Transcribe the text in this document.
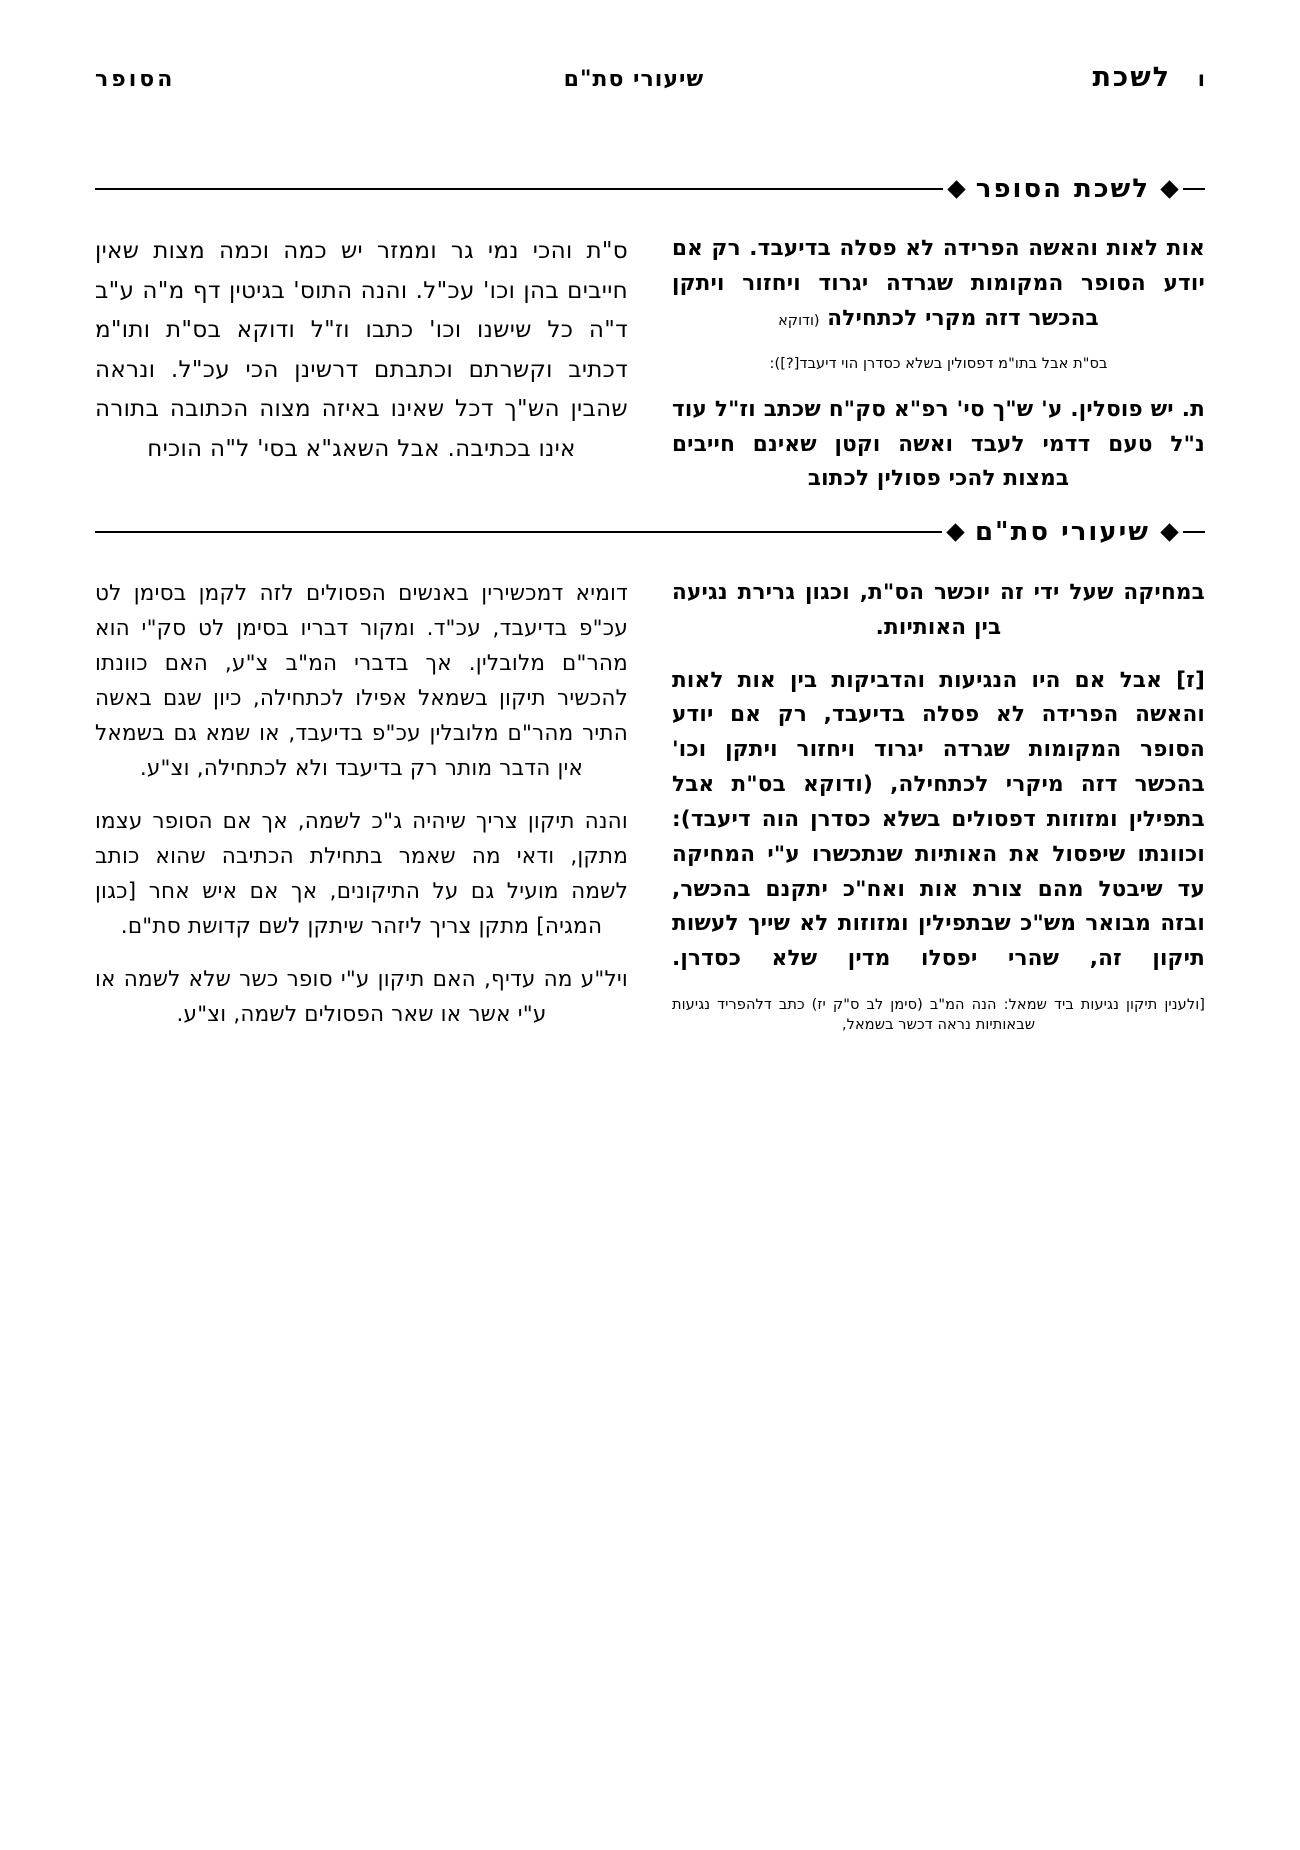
ו
לשכת
שיעורי סת"ם
הסופר
לשכת הסופר

אות לאות והאשה הפרידה לא פסלה בדיעבד. רק אם יודע הסופר המקומות שגרדה יגרוד ויחזור ויתקן בהכשר דזה מקרי לכתחילה (ודוקא

בס"ת אבל בתו"מ דפסולין בשלא כסדרן הוי דיעבד[?]):

ת. יש פוסלין. ע' ש"ך סי' רפ"א סק"ח שכתב וז"ל עוד נ"ל טעם דדמי לעבד ואשה וקטן שאינם חייבים במצות להכי פסולין לכתוב

ס"ת והכי נמי גר וממזר יש כמה וכמה מצות שאין חייבים בהן וכו' עכ"ל. והנה התוס' בגיטין דף מ"ה ע"ב ד"ה כל שישנו וכו' כתבו וז"ל ודוקא בס"ת ותו"מ דכתיב וקשרתם וכתבתם דרשינן הכי עכ"ל. ונראה שהבין הש"ך דכל שאינו באיזה מצוה הכתובה בתורה אינו בכתיבה. אבל השאג"א בסי' ל"ה הוכיח

שיעורי סת"ם

במחיקה שעל ידי זה יוכשר הס"ת, וכגון גרירת נגיעה בין האותיות.

[ז] אבל אם היו הנגיעות והדביקות בין אות לאות והאשה הפרידה לא פסלה בדיעבד, רק אם יודע הסופר המקומות שגרדה יגרוד ויחזור ויתקן וכו' בהכשר דזה מיקרי לכתחילה, (ודוקא בס"ת אבל בתפילין ומזוזות דפסולים בשלא כסדרן הוה דיעבד): וכוונתו שיפסול את האותיות שנתכשרו ע"י המחיקה עד שיבטל מהם צורת אות ואח"כ יתקנם בהכשר, ובזה מבואר מש"כ שבתפילין ומזוזות לא שייך לעשות תיקון זה, שהרי יפסלו מדין שלא כסדרן.

[ולענין תיקון נגיעות ביד שמאל: הנה המ"ב (סימן לב ס"ק יז) כתב דלהפריד נגיעות שבאותיות נראה דכשר בשמאל,

דומיא דמכשירין באנשים הפסולים לזה לקמן בסימן לט עכ"פ בדיעבד, עכ"ד. ומקור דבריו בסימן לט סק"י הוא מהר"ם מלובלין. אך בדברי המ"ב צ"ע, האם כוונתו להכשיר תיקון בשמאל אפילו לכתחילה, כיון שגם באשה התיר מהר"ם מלובלין עכ"פ בדיעבד, או שמא גם בשמאל אין הדבר מותר רק בדיעבד ולא לכתחילה, וצ"ע.

והנה תיקון צריך שיהיה ג"כ לשמה, אך אם הסופר עצמו מתקן, ודאי מה שאמר בתחילת הכתיבה שהוא כותב לשמה מועיל גם על התיקונים, אך אם איש אחר [כגון המגיה] מתקן צריך ליזהר שיתקן לשם קדושת סת"ם.

ויל"ע מה עדיף, האם תיקון ע"י סופר כשר שלא לשמה או ע"י אשר או שאר הפסולים לשמה, וצ"ע.
